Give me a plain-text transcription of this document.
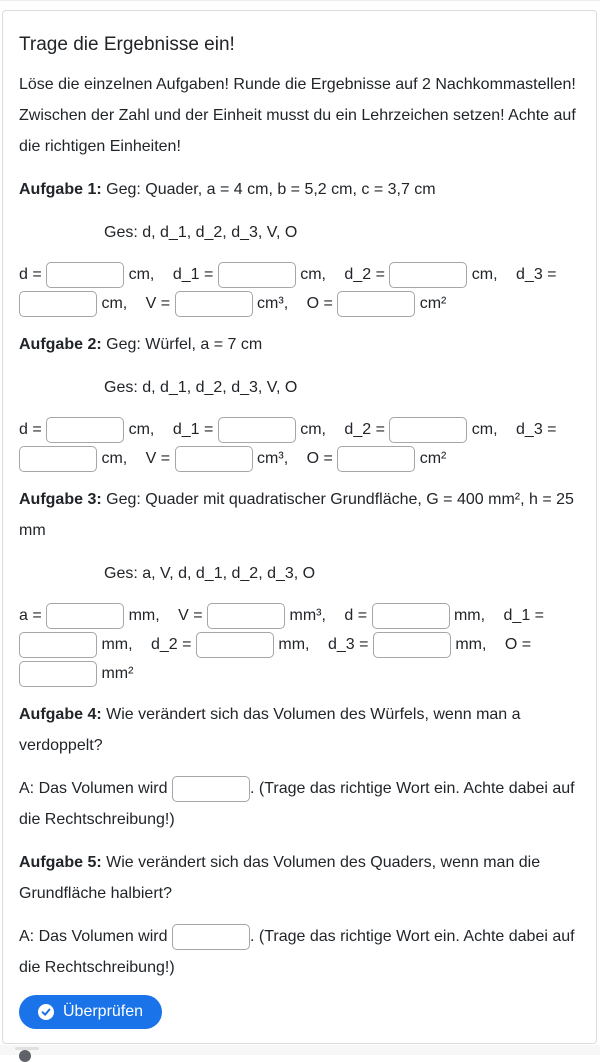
Trage die Ergebnisse ein!

Löse die einzelnen Aufgaben! Runde die Ergebnisse auf 2 Nachkommastellen! Zwischen der Zahl und der Einheit musst du ein Lehrzeichen setzen! Achte auf die richtigen Einheiten!

Aufgabe 1: Geg: Quader, a = 4 cm, b = 5,2 cm, c = 3,7 cm

Ges: d, d_1, d_2, d_3, V, O

d =	cm, d_1 =	cm, d_2 =	cm, d_3 =  cm, V =	cm³, O =	cm²

Aufgabe 2: Geg: Würfel, a = 7 cm

Ges: d, d_1, d_2, d_3, V, O

d =	cm, d_1 =	cm, d_2 =	cm, d_3 =  cm, V =	cm³, O =	cm²

Aufgabe 3: Geg: Quader mit quadratischer Grundfläche, G = 400 mm², h = 25 mm

Ges: a, V, d, d_1, d_2, d_3, O

a =	mm, V =	mm³, d =	mm, d_1 =  mm, d_2 =	mm, d_3 =	mm, O =  mm²

Aufgabe 4: Wie verändert sich das Volumen des Würfels, wenn man a verdoppelt?

A: Das Volumen wird	. (Trage das richtige Wort ein. Achte dabei auf die Rechtschreibung!)

Aufgabe 5: Wie verändert sich das Volumen des Quaders, wenn man die Grundfläche halbiert?

A: Das Volumen wird	. (Trage das richtige Wort ein. Achte dabei auf die Rechtschreibung!)

Überprüfen
